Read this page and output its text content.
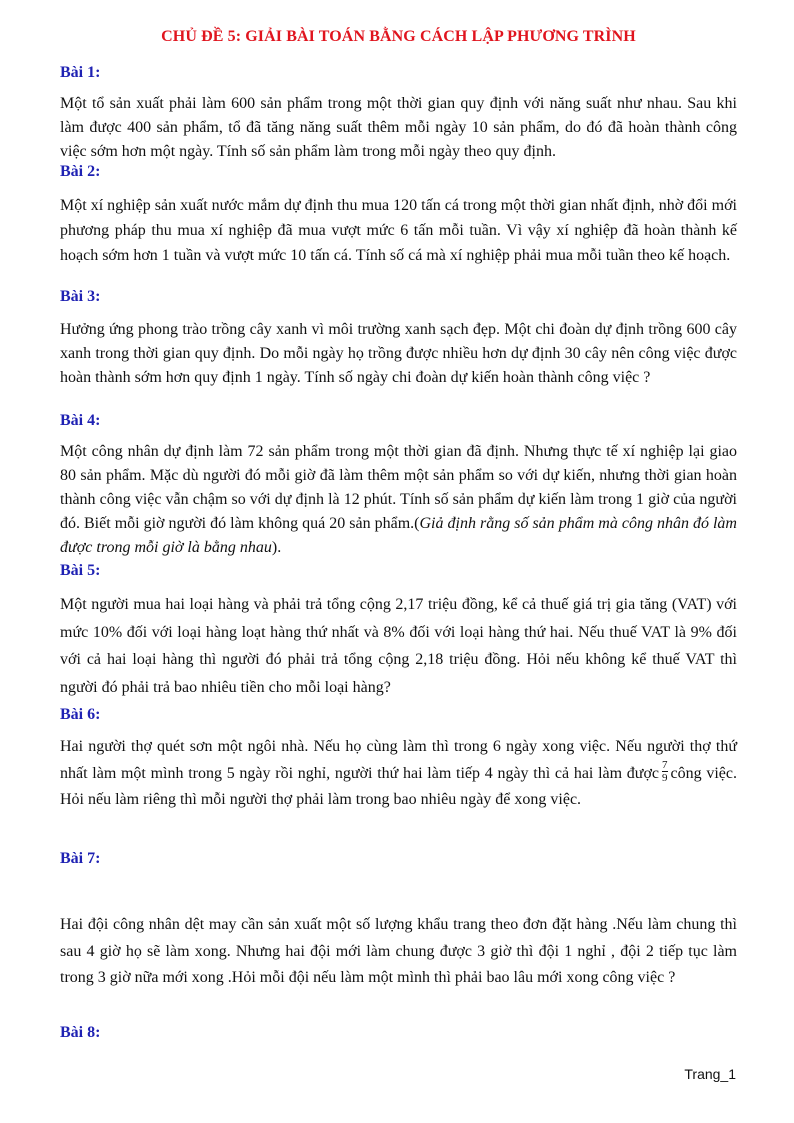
CHỦ ĐỀ 5: GIẢI BÀI TOÁN BẰNG CÁCH LẬP PHƯƠNG TRÌNH
Bài 1:
Một tổ sản xuất phải làm 600 sản phẩm trong một thời gian quy định với năng suất như nhau. Sau khi làm được 400 sản phẩm, tổ đã tăng năng suất thêm mỗi ngày 10 sản phẩm, do đó đã hoàn thành công việc sớm hơn một ngày. Tính số sản phẩm làm trong mỗi ngày theo quy định.
Bài 2:
Một xí nghiệp sản xuất nước mắm dự định thu mua 120 tấn cá trong một thời gian nhất định, nhờ đổi mới phương pháp thu mua xí nghiệp đã mua vượt mức 6 tấn mỗi tuần. Vì vậy xí nghiệp đã hoàn thành kế hoạch sớm hơn 1 tuần và vượt mức 10 tấn cá. Tính số cá mà xí nghiệp phải mua mỗi tuần theo kế hoạch.
Bài 3:
Hưởng ứng phong trào trồng cây xanh vì môi trường xanh sạch đẹp. Một chi đoàn dự định trồng 600 cây xanh trong thời gian quy định. Do mỗi ngày họ trồng được nhiều hơn dự định 30 cây nên công việc được hoàn thành sớm hơn quy định 1 ngày. Tính số ngày chi đoàn dự kiến hoàn thành công việc ?
Bài 4:
Một công nhân dự định làm 72 sản phẩm trong một thời gian đã định. Nhưng thực tế xí nghiệp lại giao 80 sản phẩm. Mặc dù người đó mỗi giờ đã làm thêm một sản phẩm so với dự kiến, nhưng thời gian hoàn thành công việc vẫn chậm so với dự định là 12 phút. Tính số sản phẩm dự kiến làm trong 1 giờ của người đó. Biết mỗi giờ người đó làm không quá 20 sản phẩm.(Giả định rằng số sản phẩm mà công nhân đó làm được trong mỗi giờ là bằng nhau).
Bài 5:
Một người mua hai loại hàng và phải trả tổng cộng 2,17 triệu đồng, kể cả thuế giá trị gia tăng (VAT) với mức 10% đối với loại hàng loạt hàng thứ nhất và 8% đối với loại hàng thứ hai. Nếu thuế VAT là 9% đối với cả hai loại hàng thì người đó phải trả tổng cộng 2,18 triệu đồng. Hỏi nếu không kể thuế VAT thì người đó phải trả bao nhiêu tiền cho mỗi loại hàng?
Bài 6:
Hai người thợ quét sơn một ngôi nhà. Nếu họ cùng làm thì trong 6 ngày xong việc. Nếu người thợ thứ nhất làm một mình trong 5 ngày rồi nghỉ, người thứ hai làm tiếp 4 ngày thì cả hai làm được $\frac{7}{9}$ công việc. Hỏi nếu làm riêng thì mỗi người thợ phải làm trong bao nhiêu ngày để xong việc.
Bài 7:
Hai đội công nhân dệt may cần sản xuất một số lượng khẩu trang theo đơn đặt hàng .Nếu làm chung thì sau 4 giờ họ sẽ làm xong. Nhưng hai đội mới làm chung được 3 giờ thì đội 1 nghỉ , đội 2 tiếp tục làm trong 3 giờ nữa mới xong .Hỏi mỗi đội nếu làm một mình thì phải bao lâu mới xong công việc ?
Bài 8:
Trang_1
